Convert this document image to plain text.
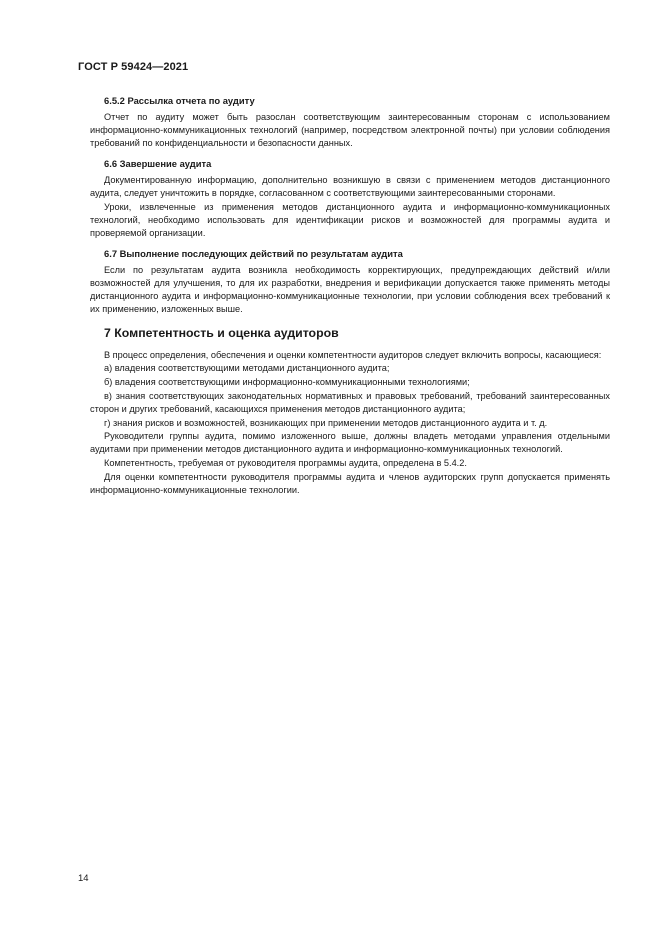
ГОСТ Р 59424—2021
6.5.2 Рассылка отчета по аудиту
Отчет по аудиту может быть разослан соответствующим заинтересованным сторонам с использованием информационно-коммуникационных технологий (например, посредством электронной почты) при условии соблюдения требований по конфиденциальности и безопасности данных.
6.6 Завершение аудита
Документированную информацию, дополнительно возникшую в связи с применением методов дистанционного аудита, следует уничтожить в порядке, согласованном с соответствующими заинтересованными сторонами.
Уроки, извлеченные из применения методов дистанционного аудита и информационно-коммуникационных технологий, необходимо использовать для идентификации рисков и возможностей для программы аудита и проверяемой организации.
6.7 Выполнение последующих действий по результатам аудита
Если по результатам аудита возникла необходимость корректирующих, предупреждающих действий и/или возможностей для улучшения, то для их разработки, внедрения и верификации допускается также применять методы дистанционного аудита и информационно-коммуникационные технологии, при условии соблюдения всех требований к их применению, изложенных выше.
7 Компетентность и оценка аудиторов
В процесс определения, обеспечения и оценки компетентности аудиторов следует включить вопросы, касающиеся:
а) владения соответствующими методами дистанционного аудита;
б) владения соответствующими информационно-коммуникационными технологиями;
в) знания соответствующих законодательных нормативных и правовых требований, требований заинтересованных сторон и других требований, касающихся применения методов дистанционного аудита;
г) знания рисков и возможностей, возникающих при применении методов дистанционного аудита и т. д.
Руководители группы аудита, помимо изложенного выше, должны владеть методами управления отдельными аудитами при применении методов дистанционного аудита и информационно-коммуникационных технологий.
Компетентность, требуемая от руководителя программы аудита, определена в 5.4.2.
Для оценки компетентности руководителя программы аудита и членов аудиторских групп допускается применять информационно-коммуникационные технологии.
14
